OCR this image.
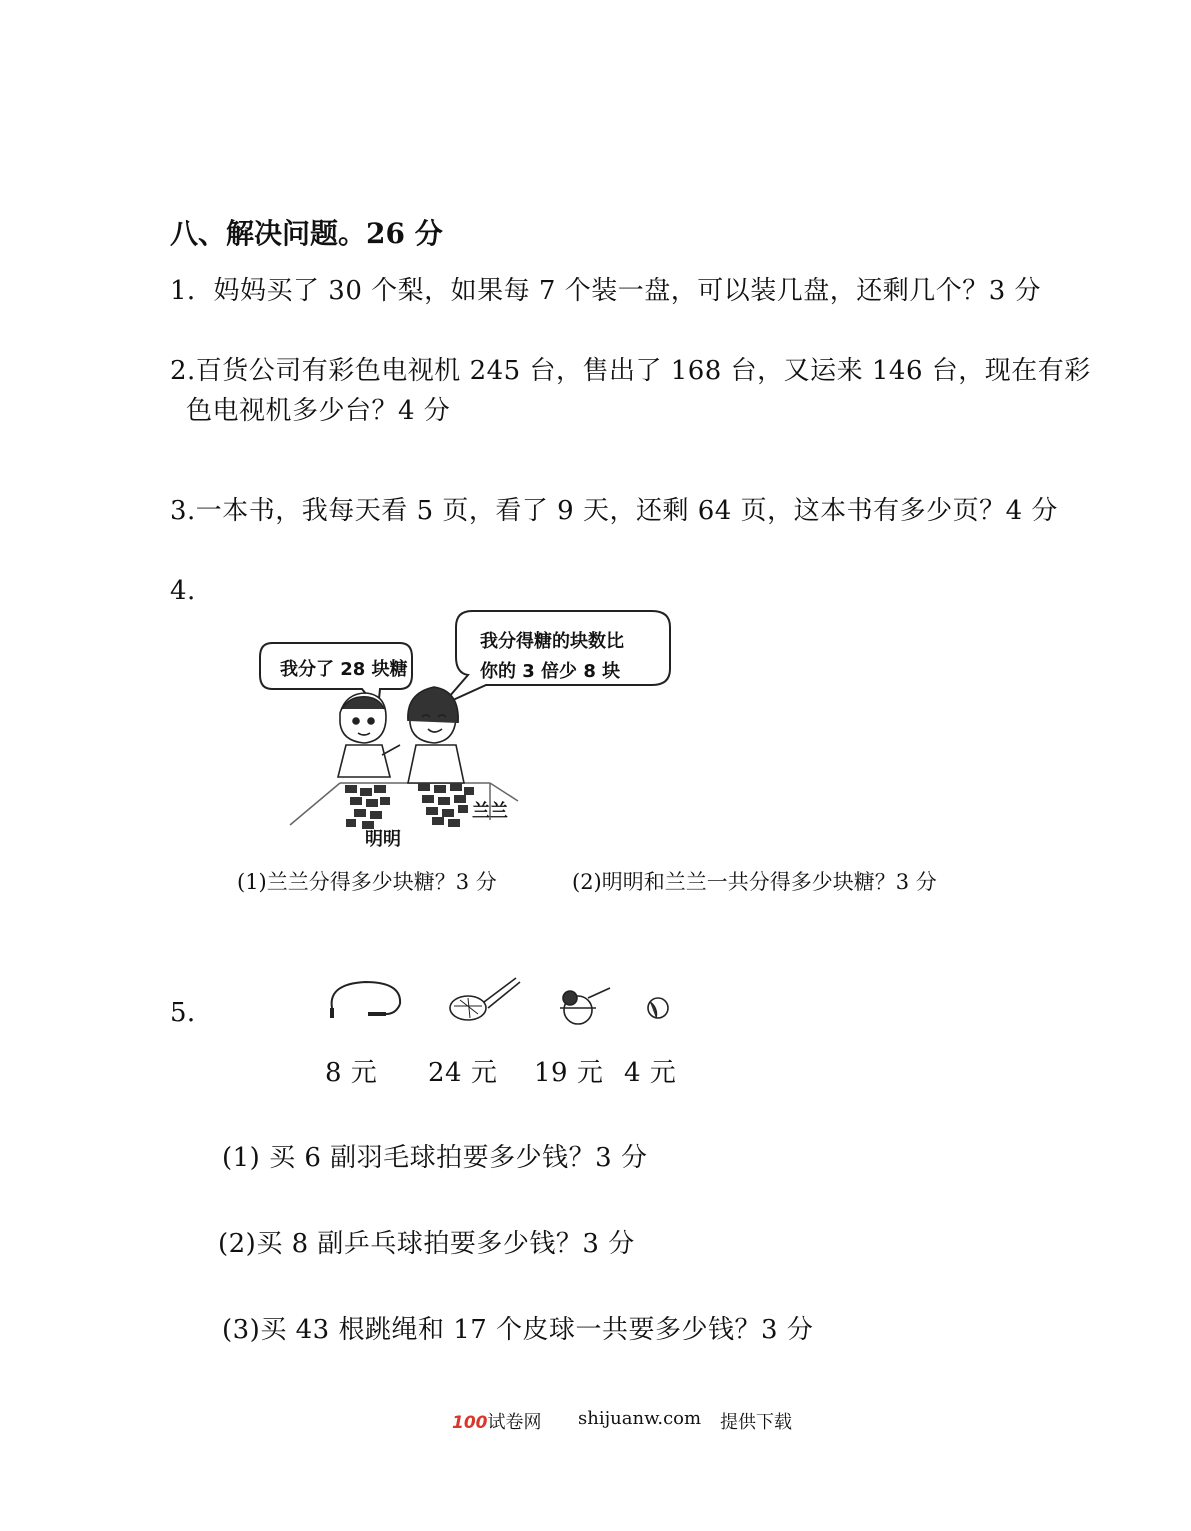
八、解决问题。26 分
1．妈妈买了 30 个梨，如果每 7 个装一盘，可以装几盘，还剩几个？3 分
2.百货公司有彩色电视机 245 台，售出了 168 台，又运来 146 台，现在有彩
色电视机多少台？4 分
3.一本书，我每天看 5 页，看了 9 天，还剩 64 页，这本书有多少页？4 分
4.
我分了 28 块糖
我分得糖的块数比
你的 3 倍少 8 块
兰兰
明明
(1)兰兰分得多少块糖？3 分	(2)明明和兰兰一共分得多少块糖？3 分
5．
8 元 24 元 19 元 4 元
(1) 买 6 副羽毛球拍要多少钱？3 分
(2)买 8 副乒乓球拍要多少钱？3 分
(3)买 43 根跳绳和 17 个皮球一共要多少钱？3 分
100试卷网 shijuanw.com 提供下载
